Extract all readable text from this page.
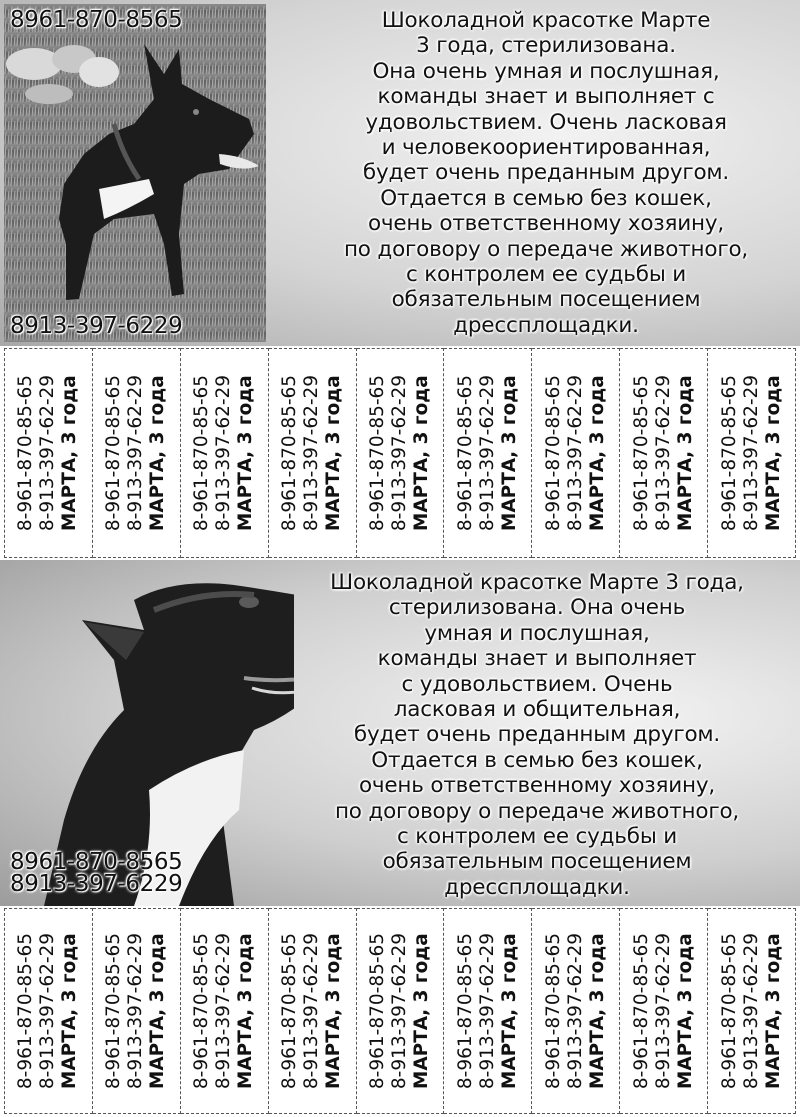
8961-870-8565

8913-397-6229

Шоколадной красотке Марте
3 года, стерилизована.
Она очень умная и послушная,
команды знает и выполняет с
удовольствием. Очень ласковая
и человекоориентированная,
будет очень преданным другом.
Отдается в семью без кошек,
очень ответственному хозяину,
по договору о передаче животного,
с контролем ее судьбы и
обязательным посещением
дрессплощадки.

8-961-870-85-65 8-913-397-62-29 МАРТА, 3 года 8-961-870-85-65 8-913-397-62-29 МАРТА, 3 года 8-961-870-85-65 8-913-397-62-29 МАРТА, 3 года 8-961-870-85-65 8-913-397-62-29 МАРТА, 3 года 8-961-870-85-65 8-913-397-62-29 МАРТА, 3 года 8-961-870-85-65 8-913-397-62-29 МАРТА, 3 года 8-961-870-85-65 8-913-397-62-29 МАРТА, 3 года 8-961-870-85-65 8-913-397-62-29 МАРТА, 3 года 8-961-870-85-65 8-913-397-62-29 МАРТА, 3 года

8961-870-8565

8913-397-6229

Шоколадной красотке Марте 3 года,
стерилизована. Она очень
умная и послушная,
команды знает и выполняет
с удовольствием. Очень
ласковая и общительная,
будет очень преданным другом.
Отдается в семью без кошек,
очень ответственному хозяину,
по договору о передаче животного,
с контролем ее судьбы и
обязательным посещением
дрессплощадки.

8-961-870-85-65 8-913-397-62-29 МАРТА, 3 года 8-961-870-85-65 8-913-397-62-29 МАРТА, 3 года 8-961-870-85-65 8-913-397-62-29 МАРТА, 3 года 8-961-870-85-65 8-913-397-62-29 МАРТА, 3 года 8-961-870-85-65 8-913-397-62-29 МАРТА, 3 года 8-961-870-85-65 8-913-397-62-29 МАРТА, 3 года 8-961-870-85-65 8-913-397-62-29 МАРТА, 3 года 8-961-870-85-65 8-913-397-62-29 МАРТА, 3 года 8-961-870-85-65 8-913-397-62-29 МАРТА, 3 года
